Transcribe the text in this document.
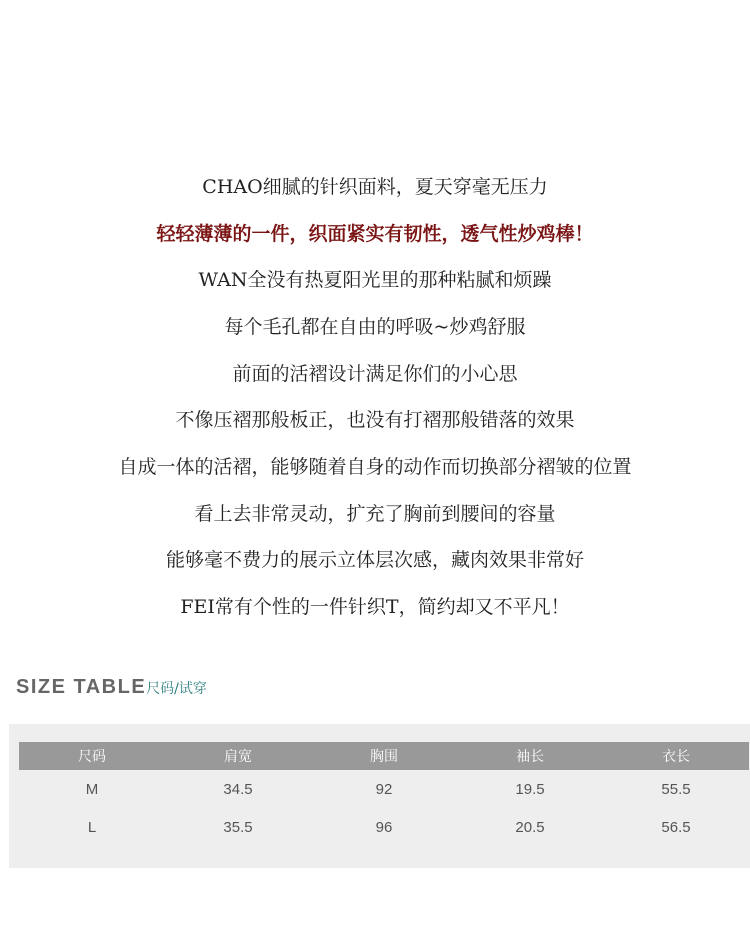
CHAO细腻的针织面料，夏天穿毫无压力
轻轻薄薄的一件，织面紧实有韧性，透气性炒鸡棒！
WAN全没有热夏阳光里的那种粘腻和烦躁
每个毛孔都在自由的呼吸~炒鸡舒服
前面的活褶设计满足你们的小心思
不像压褶那般板正，也没有打褶那般错落的效果
自成一体的活褶，能够随着自身的动作而切换部分褶皱的位置
看上去非常灵动，扩充了胸前到腰间的容量
能够毫不费力的展示立体层次感，藏肉效果非常好
FEI常有个性的一件针织T，简约却又不平凡！
SIZE TABLE尺码/试穿
尺码	肩宽	胸围	袖长	衣长
M	34.5	92	19.5	55.5
L	35.5	96	20.5	56.5
